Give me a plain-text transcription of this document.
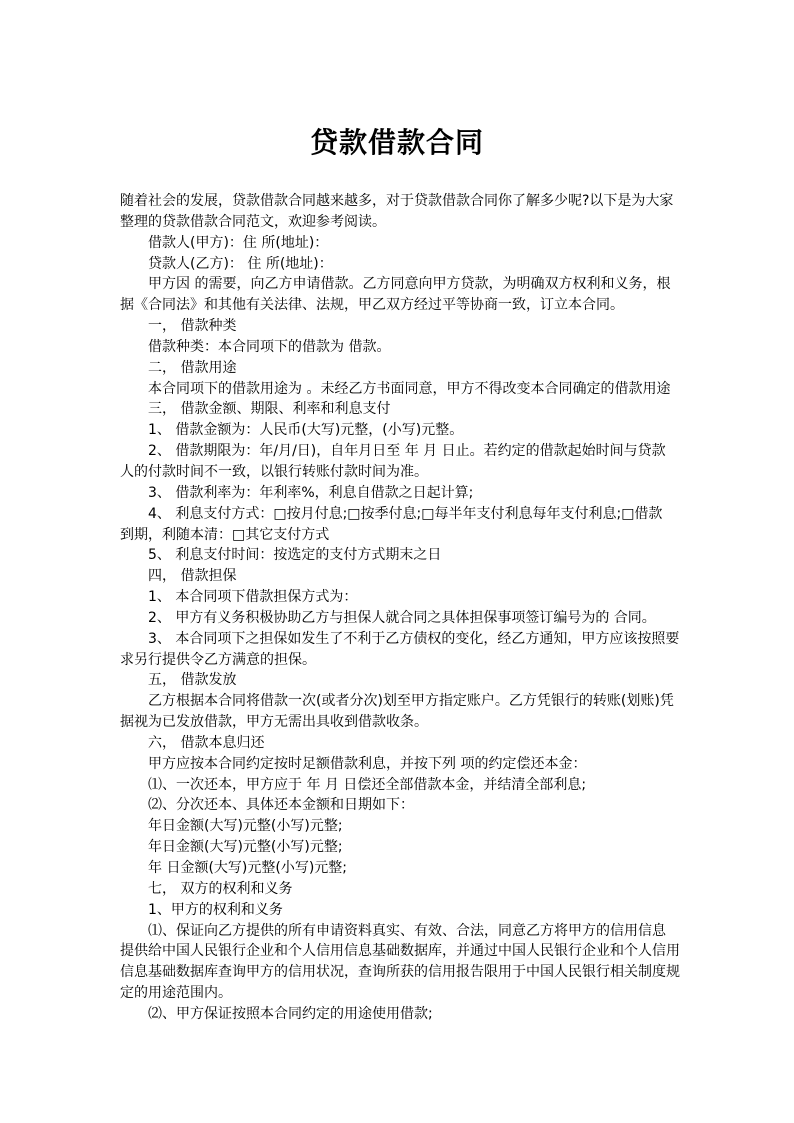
贷款借款合同
随着社会的发展，贷款借款合同越来越多，对于贷款借款合同你了解多少呢?以下是为大家
整理的贷款借款合同范文，欢迎参考阅读。
借款人(甲方)：住 所(地址)：
贷款人(乙方)： 住 所(地址)：
甲方因 的需要，向乙方申请借款。乙方同意向甲方贷款，为明确双方权利和义务，根
据《合同法》和其他有关法律、法规，甲乙双方经过平等协商一致，订立本合同。
一， 借款种类
借款种类：本合同项下的借款为 借款。
二， 借款用途
本合同项下的借款用途为 。未经乙方书面同意，甲方不得改变本合同确定的借款用途
三， 借款金额、期限、利率和利息支付
1、 借款金额为：人民币(大写)元整，(小写)元整。
2、 借款期限为：年/月/日)，自年月日至 年 月 日止。若约定的借款起始时间与贷款
人的付款时间不一致，以银行转账付款时间为准。
3、 借款利率为：年利率%，利息自借款之日起计算;
4、 利息支付方式：□按月付息;□按季付息;□每半年支付利息每年支付利息;□借款
到期，利随本清：□其它支付方式
5、 利息支付时间：按选定的支付方式期末之日
四， 借款担保
1、 本合同项下借款担保方式为：
2、 甲方有义务积极协助乙方与担保人就合同之具体担保事项签订编号为的 合同。
3、 本合同项下之担保如发生了不利于乙方债权的变化，经乙方通知，甲方应该按照要
求另行提供令乙方满意的担保。
五， 借款发放
乙方根据本合同将借款一次(或者分次)划至甲方指定账户。乙方凭银行的转账(划账)凭
据视为已发放借款，甲方无需出具收到借款收条。
六， 借款本息归还
甲方应按本合同约定按时足额借款利息，并按下列 项的约定偿还本金：
⑴、一次还本，甲方应于 年 月 日偿还全部借款本金，并结清全部利息;
⑵、分次还本、具体还本金额和日期如下：
年日金额(大写)元整(小写)元整;
年日金额(大写)元整(小写)元整;
年 日金额(大写)元整(小写)元整;
七， 双方的权利和义务
1、甲方的权利和义务
⑴、保证向乙方提供的所有申请资料真实、有效、合法，同意乙方将甲方的信用信息
提供给中国人民银行企业和个人信用信息基础数据库，并通过中国人民银行企业和个人信用
信息基础数据库查询甲方的信用状况，查询所获的信用报告限用于中国人民银行相关制度规
定的用途范围内。
⑵、甲方保证按照本合同约定的用途使用借款;
